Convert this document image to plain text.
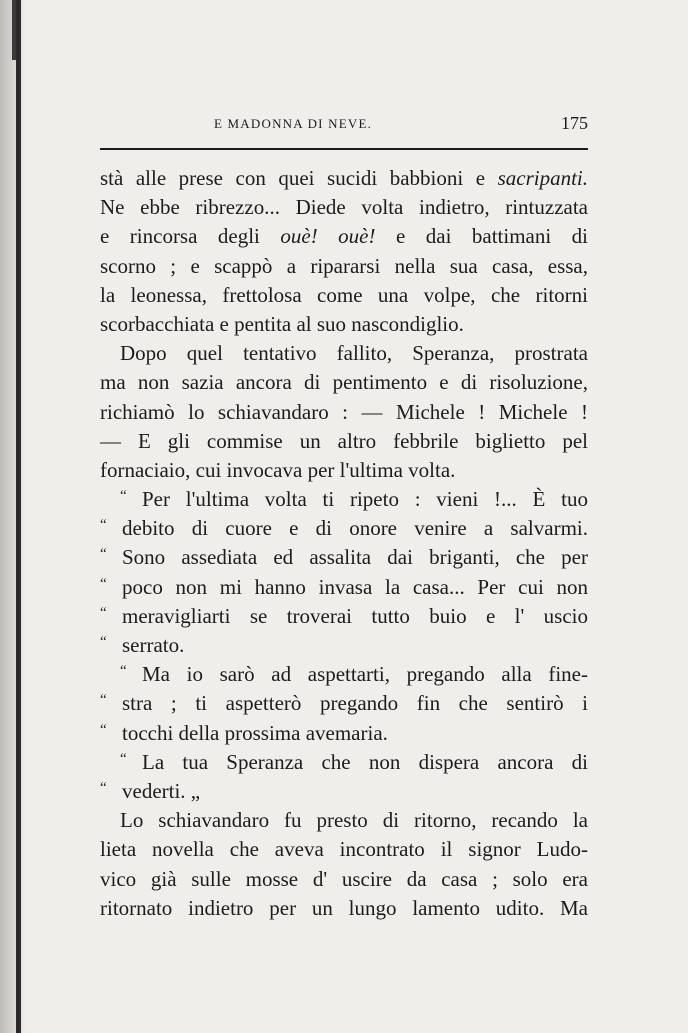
E MADONNA DI NEVE.	175
stà alle prese con quei sucidi babbioni e sacripanti.
Ne ebbe ribrezzo... Diede volta indietro, rintuzzata
e rincorsa degli ouè! ouè! e dai battimani di
scorno ; e scappò a ripararsi nella sua casa, essa,
la leonessa, frettolosa come una volpe, che ritorni
scorbacchiata e pentita al suo nascondiglio.
Dopo quel tentativo fallito, Speranza, prostrata
ma non sazia ancora di pentimento e di risoluzione,
richiamò lo schiavandaro : — Michele ! Michele !
— E gli commise un altro febbrile biglietto pel
fornaciaio, cui invocava per l'ultima volta.
“ Per l'ultima volta ti ripeto : vieni !... È tuo
“ debito di cuore e di onore venire a salvarmi.
“ Sono assediata ed assalita dai briganti, che per
“ poco non mi hanno invasa la casa... Per cui non
“ meravigliarti se troverai tutto buio e l' uscio
“ serrato.
“ Ma io sarò ad aspettarti, pregando alla fine-
“ stra ; ti aspetterò pregando fin che sentirò i
“ tocchi della prossima avemaria.
“ La tua Speranza che non dispera ancora di
“ vederti. „
Lo schiavandaro fu presto di ritorno, recando la
lieta novella che aveva incontrato il signor Ludo-
vico già sulle mosse d' uscire da casa ; solo era
ritornato indietro per un lungo lamento udito. Ma
